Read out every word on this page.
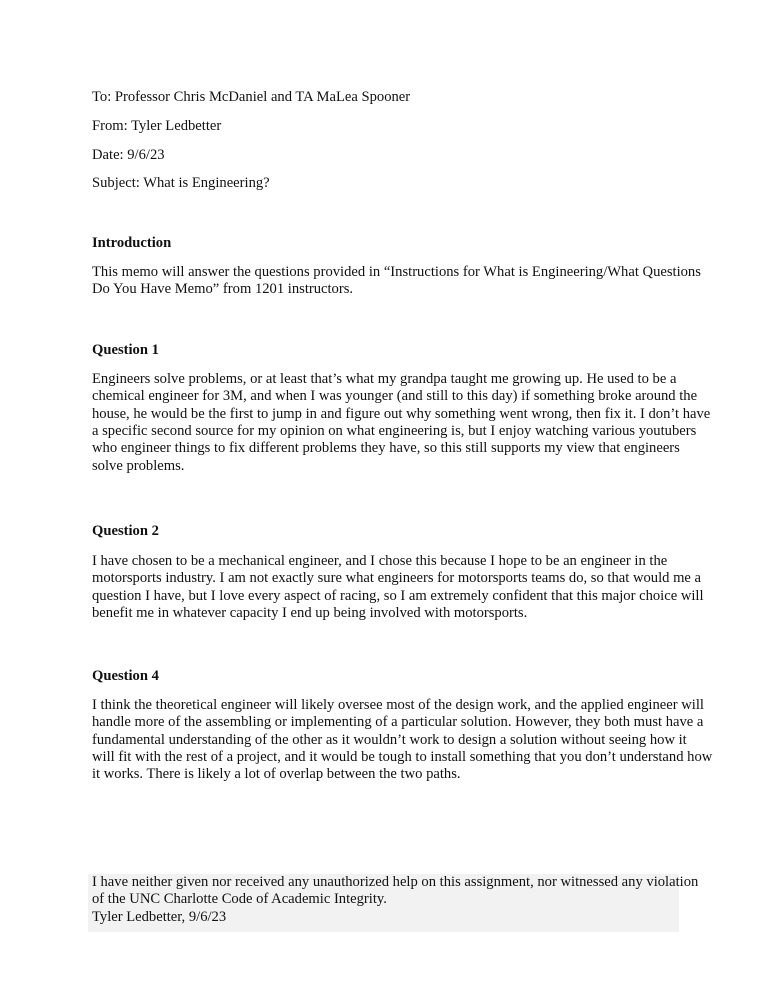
To: Professor Chris McDaniel and TA MaLea Spooner
From: Tyler Ledbetter
Date: 9/6/23
Subject: What is Engineering?
Introduction
This memo will answer the questions provided in “Instructions for What is Engineering/What Questions
Do You Have Memo” from 1201 instructors.
Question 1
Engineers solve problems, or at least that’s what my grandpa taught me growing up. He used to be a
chemical engineer for 3M, and when I was younger (and still to this day) if something broke around the
house, he would be the first to jump in and figure out why something went wrong, then fix it. I don’t have
a specific second source for my opinion on what engineering is, but I enjoy watching various youtubers
who engineer things to fix different problems they have, so this still supports my view that engineers
solve problems.
Question 2
I have chosen to be a mechanical engineer, and I chose this because I hope to be an engineer in the
motorsports industry. I am not exactly sure what engineers for motorsports teams do, so that would me a
question I have, but I love every aspect of racing, so I am extremely confident that this major choice will
benefit me in whatever capacity I end up being involved with motorsports.
Question 4
I think the theoretical engineer will likely oversee most of the design work, and the applied engineer will
handle more of the assembling or implementing of a particular solution. However, they both must have a
fundamental understanding of the other as it wouldn’t work to design a solution without seeing how it
will fit with the rest of a project, and it would be tough to install something that you don’t understand how
it works. There is likely a lot of overlap between the two paths.
I have neither given nor received any unauthorized help on this assignment, nor witnessed any violation
of the UNC Charlotte Code of Academic Integrity.
Tyler Ledbetter, 9/6/23
